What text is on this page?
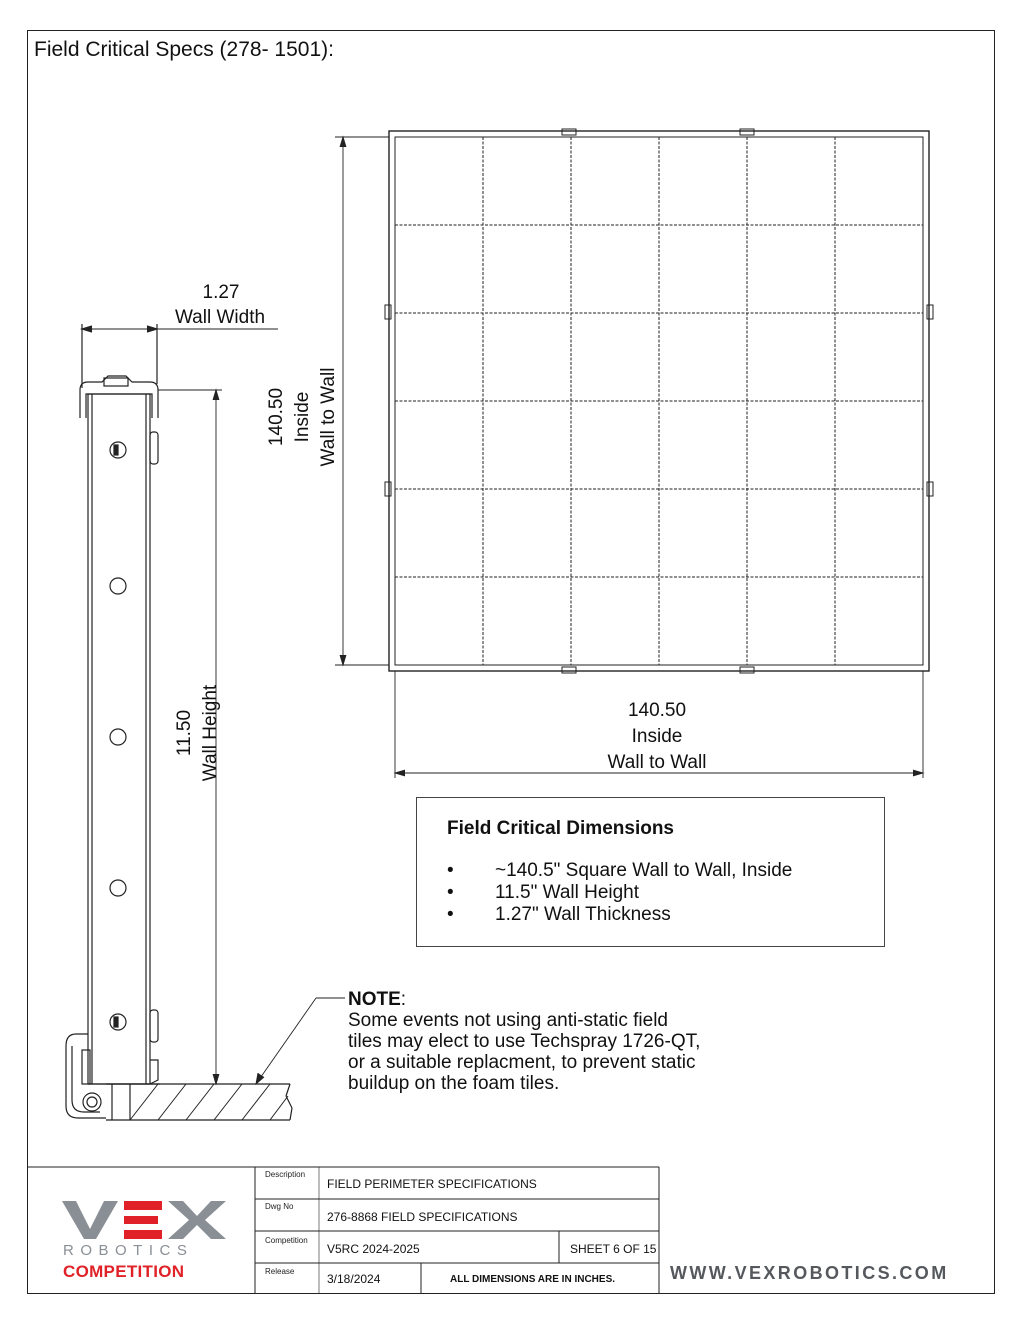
Field Critical Specs (278- 1501):
1.27
Wall Width
11.50 Wall Height
140.50 Inside Wall to Wall
140.50
Inside
Wall to Wall
Field Critical Dimensions
• ~140.5" Square Wall to Wall, Inside
• 11.5" Wall Height
• 1.27" Wall Thickness
NOTE:
Some events not using anti-static field
tiles may elect to use Techspray 1726-QT,
or a suitable replacment, to prevent static
buildup on the foam tiles.
Description
FIELD PERIMETER SPECIFICATIONS
Dwg No
276-8868 FIELD SPECIFICATIONS
Competition
V5RC 2024-2025	SHEET 6 OF 15
Release
3/18/2024	ALL DIMENSIONS ARE IN INCHES.
ROBOTICS
COMPETITION	WWW.VEXROBOTICS.COM
